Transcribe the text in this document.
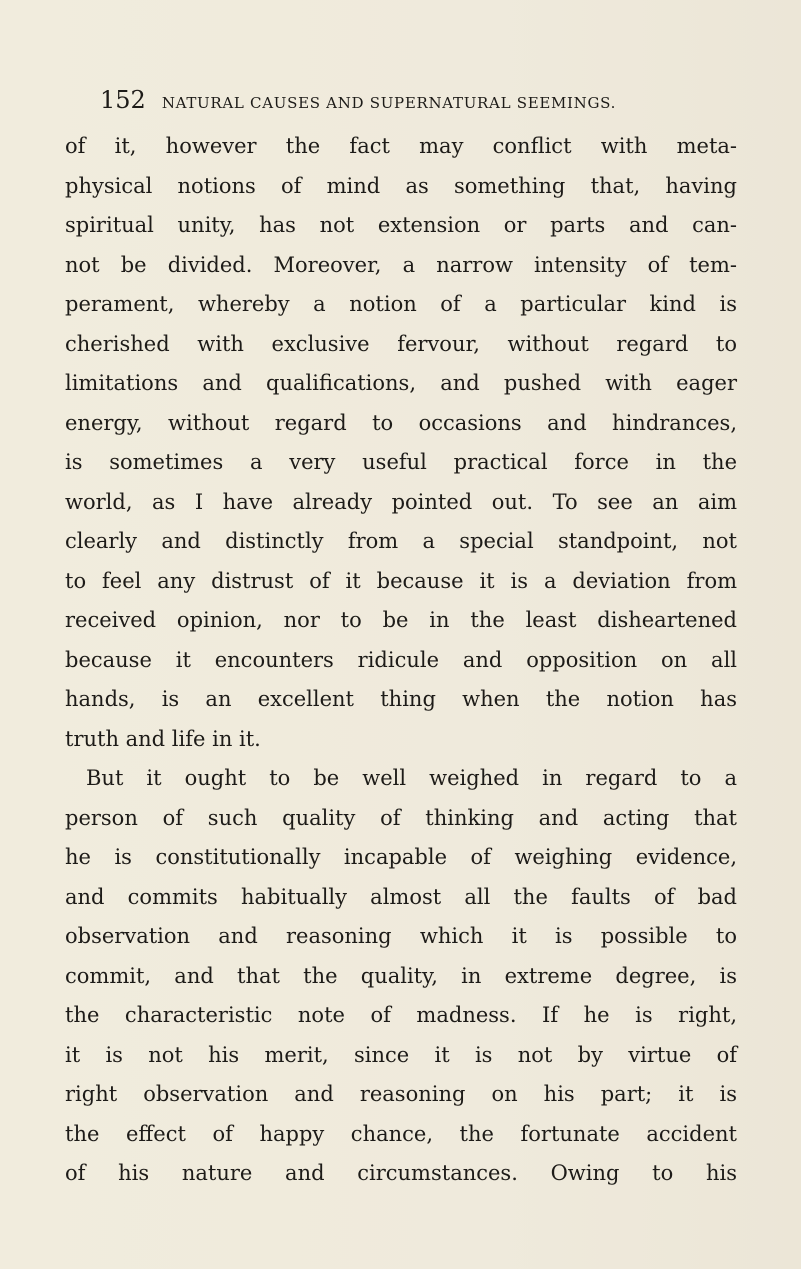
152 NATURAL CAUSES AND SUPERNATURAL SEEMINGS.
of it, however the fact may conflict with meta-
physical notions of mind as something that, having
spiritual unity, has not extension or parts and can-
not be divided. Moreover, a narrow intensity of tem-
perament, whereby a notion of a particular kind is
cherished with exclusive fervour, without regard to
limitations and qualifications, and pushed with eager
energy, without regard to occasions and hindrances,
is sometimes a very useful practical force in the
world, as I have already pointed out. To see an aim
clearly and distinctly from a special standpoint, not
to feel any distrust of it because it is a deviation from
received opinion, nor to be in the least disheartened
because it encounters ridicule and opposition on all
hands, is an excellent thing when the notion has
truth and life in it.
But it ought to be well weighed in regard to a
person of such quality of thinking and acting that
he is constitutionally incapable of weighing evidence,
and commits habitually almost all the faults of bad
observation and reasoning which it is possible to
commit, and that the quality, in extreme degree, is
the characteristic note of madness. If he is right,
it is not his merit, since it is not by virtue of
right observation and reasoning on his part; it is
the effect of happy chance, the fortunate accident
of his nature and circumstances. Owing to his
